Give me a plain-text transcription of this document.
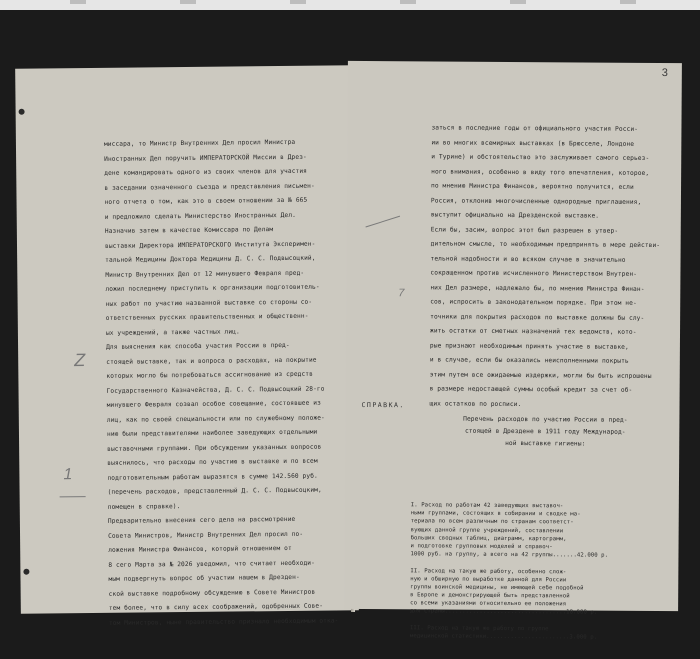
миссара, то Министр Внутренних Дел просил Министра
Иностранных Дел поручить ИМПЕРАТОРСКОЙ Миссии в Дрез-
дене командировать одного из своих членов для участия
в заседании означенного съезда и представления письмен-
ного отчета о том, как это в своем отношении за № 665
и предложило сделать Министерство Иностранных Дел.
Назначив затем в качестве Комиссара по Делам
выставки Директора ИМПЕРАТОРСКОГО Института Эксперимен-
тальной Медицины Доктора Медицины Д. С. С. Подвысоцкий,
Министр Внутренних Дел от 12 минувшего Февраля пред-
ложил последнему приступить к организации подготовитель-
ных работ по участию названной выставке со стороны со-
ответственных русских правительственных и общественн-
ых учреждений, а также частных лиц.
Для выяснения как способа участия России в пред-
стоящей выставке, так и вопроса о расходах, на покрытие
которых могло бы потребоваться ассигнование из средств
Государственного Казначейства, Д. С. С. Подвысоцкий 28-го
минувшего Февраля созвал особое совещание, состоявшее из
лиц, как по своей специальности или по служебному положе-
нию были представителями наиболее заведующих отдельными
выставочными группами. При обсуждении указанных вопросов
выяснилось, что расходы по участию в выставке и по всем
подготовительным работам выразятся в сумме 142.560 руб.
(перечень расходов, представленный Д. С. С. Подвысоцким,
помещен в справке).
Предварительно внесения сего дела на рассмотрение
Совета Министров, Министр Внутренних Дел просил по-
ложения Министра Финансов, который отношением от
8 сего Марта за № 2026 уведомил, что считает необходи-
мым подвергнуть вопрос об участии нашем в Дрезден-
ской выставке подробному обсуждению в Совете Министров
тем более, что в силу всех соображений, одобренных Сове-
том Министров, ныне правительство признало необходимым отка-
Z
1
3
заться в последние годы от официального участия Росси-
ии во многих всемирных выставках (в Брюсселе, Лондоне
и Турине) и обстоятельство это заслуживает самого серьез-
ного внимания, особенно в виду того впечатления, которое,
по мнению Министра Финансов, вероятно получится, если
Россия, отклонив многочисленные однородные приглашения,
выступит официально на Дрезденской выставке.
Если бы, засим, вопрос этот был разрешен в утвер-
дительном смысле, то необходимым предпринять в мере действи-
тельной надобности и во всяком случае в значительно
сокращенном против исчисленного Министерством Внутрен-
них Дел размере, надлежало бы, по мнению Министра Финан-
сов, испросить в законодательном порядке. При этом не-
точники для покрытия расходов по выставке должны бы слу-
жить остатки от сметных назначений тех ведомств, кото-
рые признают необходимым принять участие в выставке,
и в случае, если бы оказались неисполненными покрыть
этим путем все ожидаемые издержки, могли бы быть испрошены
в размере недостающей суммы особый кредит за счет об-
щих остатков по росписи.
СПРАВКА.
Перечень расходов по участию России в пред-
стоящей в Дрездене в 1911 году Международ-
ной выставке гигиены:
I. Расход по работам 42 заведующих выставоч-
ными группами, состоящих в собирании и сводке ма-
териала по всем различным по странам соответст-
вующих данной группе учреждений, составлении
больших сводных таблиц, диаграмм, картограмм,
и подготовке групповых моделей и справоч-
1000 руб. на группу, а всего на 42 группы.......42.000 р.
II. Расход на такую же работу, особенно слож-
ную и обширную по выработке данной для России
группы воинской медицины, не имеющей себе подобной
в Европе и демонстрирующей быть представленной
со всеми указаниями относительно ее положения
для страны...................................10.000 р.
III. Расход на такую же работу по группе
медицинской статистики........................3.000 р.
7
